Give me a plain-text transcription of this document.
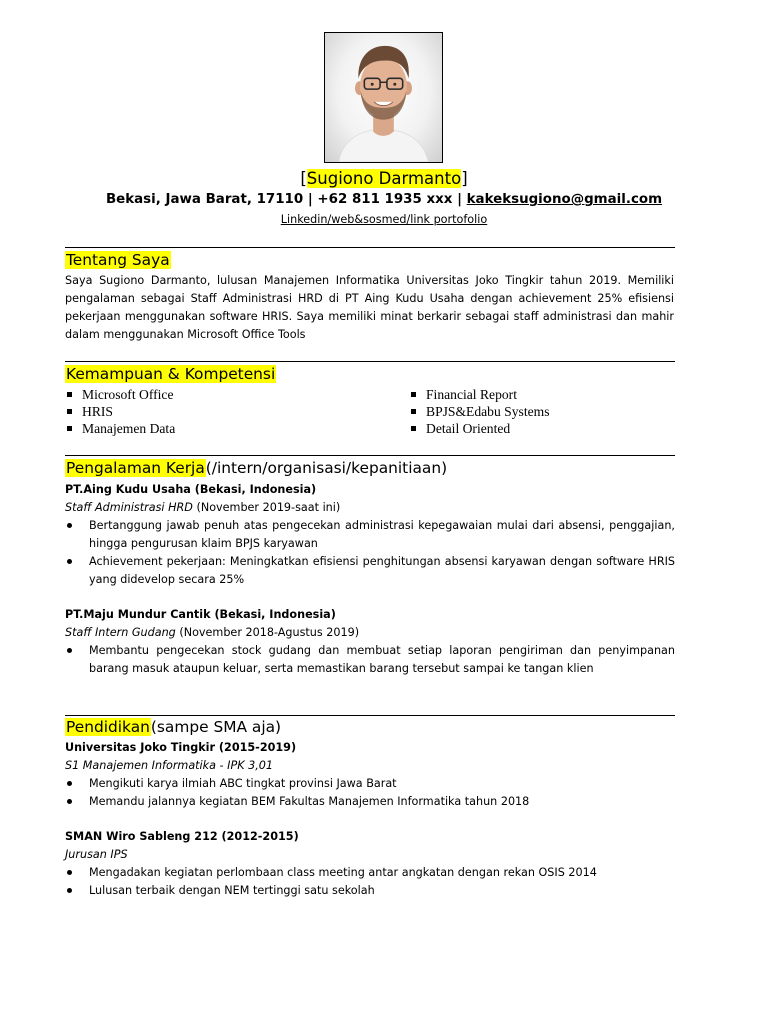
[Sugiono Darmanto]
Bekasi, Jawa Barat, 17110 | +62 811 1935 xxx | kakeksugiono@gmail.com
Linkedin/web&sosmed/link portofolio
Tentang Saya

Saya Sugiono Darmanto, lulusan Manajemen Informatika Universitas Joko Tingkir tahun 2019. Memiliki pengalaman sebagai Staff Administrasi HRD di PT Aing Kudu Usaha dengan achievement 25% efisiensi pekerjaan menggunakan software HRIS. Saya memiliki minat berkarir sebagai staff administrasi dan mahir dalam menggunakan Microsoft Office Tools

Kemampuan & Kompetensi
Microsoft Office
HRIS
Manajemen Data
Financial Report
BPJS&Edabu Systems
Detail Oriented
Pengalaman Kerja(/intern/organisasi/kepanitiaan)
PT.Aing Kudu Usaha (Bekasi, Indonesia)
Staff Administrasi HRD (November 2019-saat ini)
Bertanggung jawab penuh atas pengecekan administrasi kepegawaian mulai dari absensi, penggajian, hingga pengurusan klaim BPJS karyawan
Achievement pekerjaan: Meningkatkan efisiensi penghitungan absensi karyawan dengan software HRIS yang didevelop secara 25%
PT.Maju Mundur Cantik (Bekasi, Indonesia)
Staff Intern Gudang (November 2018-Agustus 2019)
Membantu pengecekan stock gudang dan membuat setiap laporan pengiriman dan penyimpanan barang masuk ataupun keluar, serta memastikan barang tersebut sampai ke tangan klien
Pendidikan(sampe SMA aja)
Universitas Joko Tingkir (2015-2019)
S1 Manajemen Informatika - IPK 3,01
Mengikuti karya ilmiah ABC tingkat provinsi Jawa Barat
Memandu jalannya kegiatan BEM Fakultas Manajemen Informatika tahun 2018
SMAN Wiro Sableng 212 (2012-2015)
Jurusan IPS
Mengadakan kegiatan perlombaan class meeting antar angkatan dengan rekan OSIS 2014
Lulusan terbaik dengan NEM tertinggi satu sekolah
